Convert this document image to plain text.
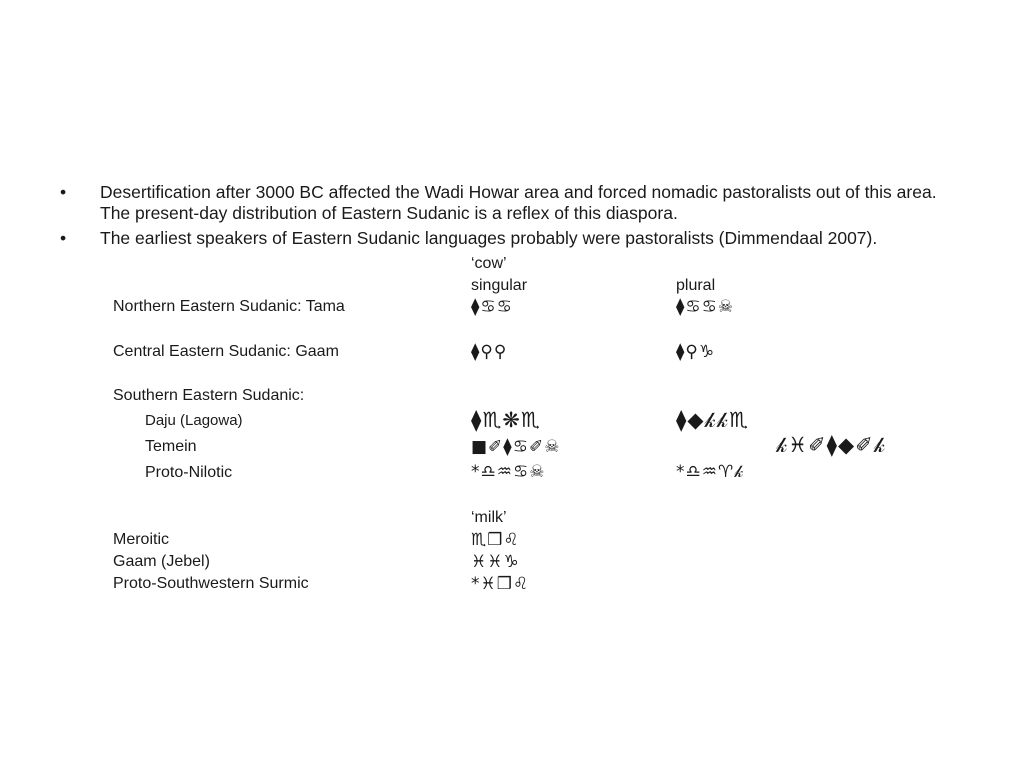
• Desertification after 3000 BC affected the Wadi Howar area and forced nomadic pastoralists out of this area. The present-day distribution of Eastern Sudanic is a reflex of this diaspora.
• The earliest speakers of Eastern Sudanic languages probably were pastoralists (Dimmendaal 2007).
‘cow’
singular	plural
Northern Eastern Sudanic: Tama	⧫♋♋	⧫♋♋☠
Central Eastern Sudanic: Gaam	⧫⚲⚲	⧫⚲♑
Southern Eastern Sudanic:
Daju (Lagowa)	⧫♏❋♏	⧫◆𝓀𝓀♏
Temein	■✐⧫♋✐☠	𝓀♓✐⧫◆✐𝓀
Proto-Nilotic	*♎♒♋☠	*♎♒♈𝓀
‘milk’
Meroitic	♏❒♌
Gaam (Jebel)	♓♓♑
Proto-Southwestern Surmic	*♓❒♌
